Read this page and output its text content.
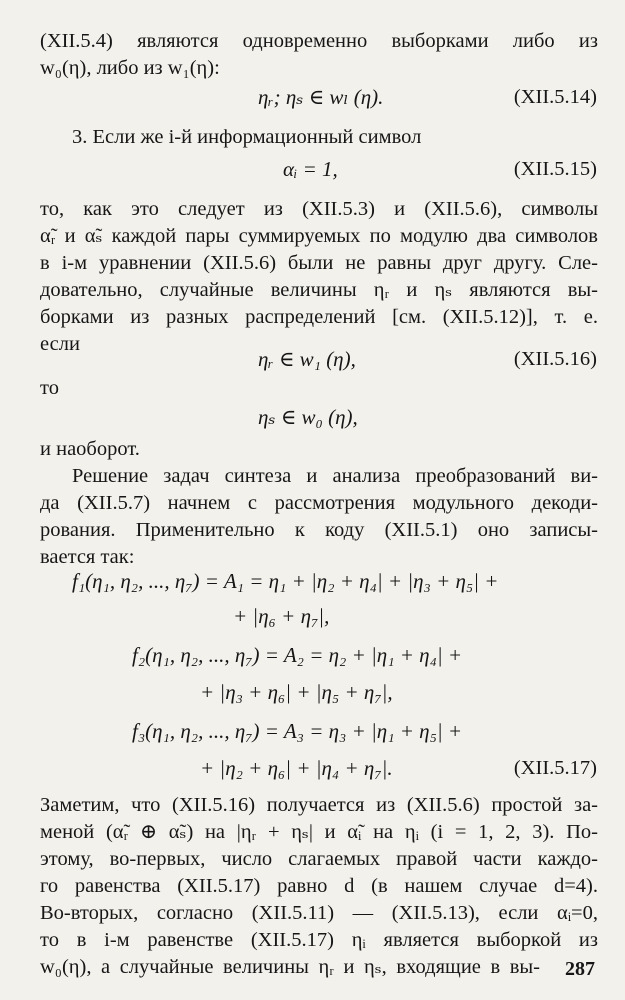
(XII.5.4) являются одновременно выборками либо из
w₀(η), либо из w₁(η):
ηᵣ; ηₛ ∈ wₗ (η).	(XII.5.14)
3. Если же i-й информационный символ
αᵢ = 1,	(XII.5.15)
то, как это следует из (XII.5.3) и (XII.5.6), символы
α̃ᵣ и α̃ₛ каждой пары суммируемых по модулю два символов
в i-м уравнении (XII.5.6) были не равны друг другу. Сле-
довательно, случайные величины ηᵣ и ηₛ являются вы-
борками из разных распределений [см. (XII.5.12)], т. е.
если
ηᵣ ∈ w₁ (η),	(XII.5.16)
то
ηₛ ∈ w₀ (η),
и наоборот.
Решение задач синтеза и анализа преобразований ви-
да (XII.5.7) начнем с рассмотрения модульного декоди-
рования. Применительно к коду (XII.5.1) оно записы-
вается так:
f₁(η₁, η₂, ..., η₇) = A₁ = η₁ + |η₂ + η₄| + |η₃ + η₅| +
+ |η₆ + η₇|,
f₂(η₁, η₂, ..., η₇) = A₂ = η₂ + |η₁ + η₄| +
+ |η₃ + η₆| + |η₅ + η₇|,
f₃(η₁, η₂, ..., η₇) = A₃ = η₃ + |η₁ + η₅| +
+ |η₂ + η₆| + |η₄ + η₇|.	(XII.5.17)
Заметим, что (XII.5.16) получается из (XII.5.6) простой за-
меной (α̃ᵣ ⊕ α̃ₛ) на |ηᵣ + ηₛ| и α̃ᵢ на ηᵢ (i = 1, 2, 3). По-
этому, во-первых, число слагаемых правой части каждо-
го равенства (XII.5.17) равно d (в нашем случае d=4).
Во-вторых, согласно (XII.5.11) — (XII.5.13), если αᵢ=0,
то в i-м равенстве (XII.5.17) ηᵢ является выборкой из
w₀(η), а случайные величины ηᵣ и ηₛ, входящие в вы- 287
